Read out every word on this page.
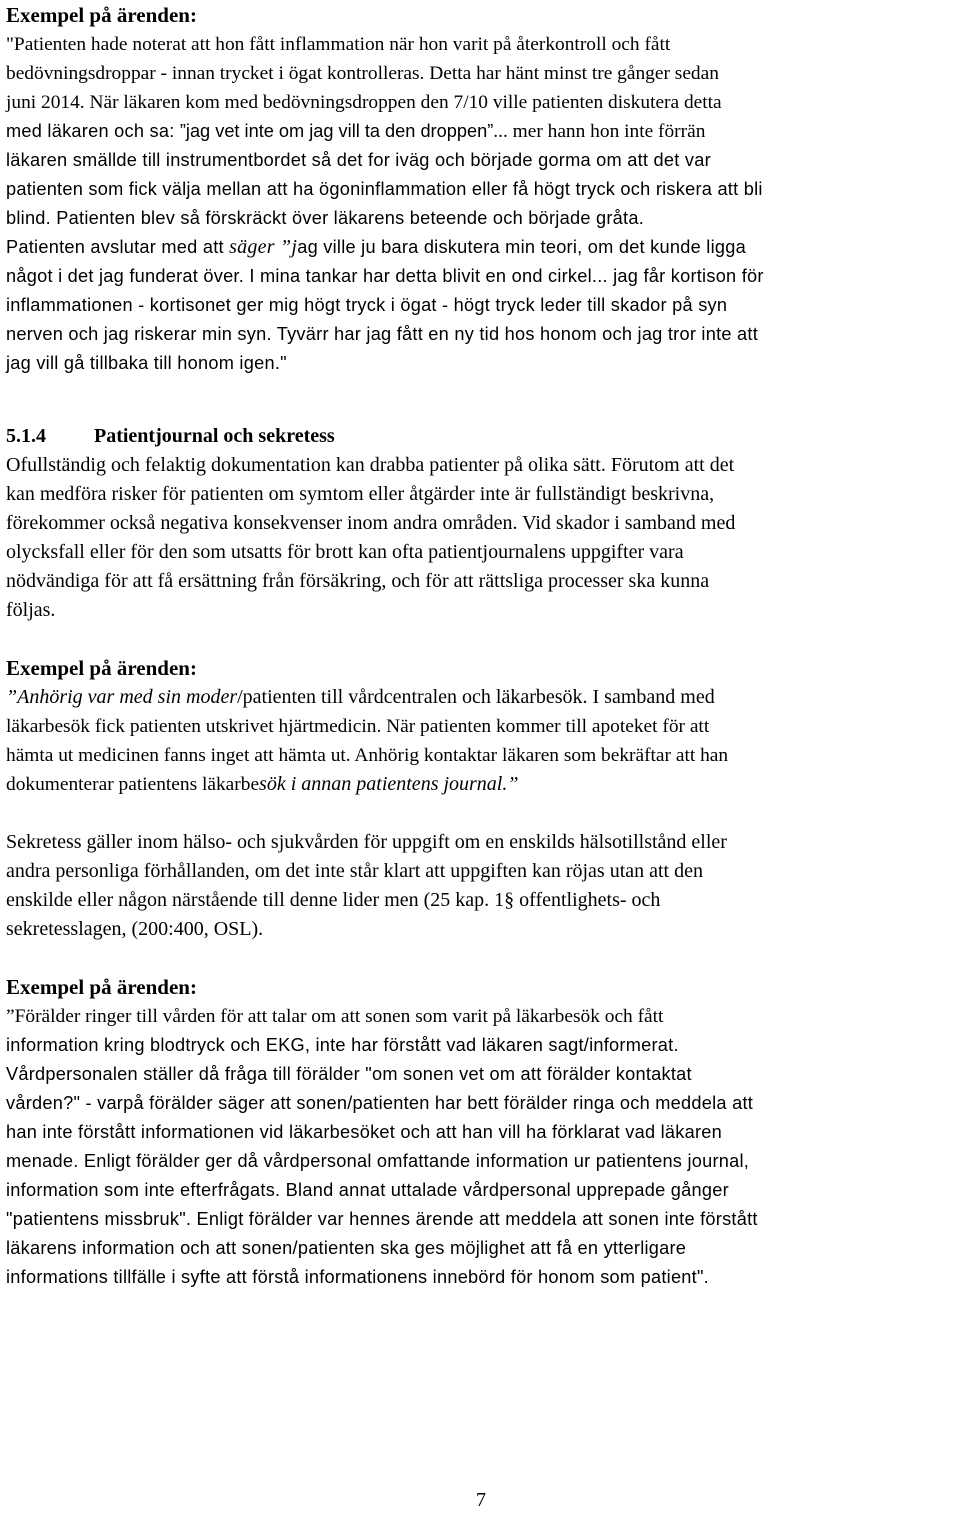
Exempel på ärenden:

"Patienten hade noterat att hon fått inflammation när hon varit på återkontroll och fått

bedövningsdroppar - innan trycket i ögat kontrolleras. Detta har hänt minst tre gånger sedan

juni 2014. När läkaren kom med bedövningsdroppen den 7/10 ville patienten diskutera detta

med läkaren och sa: ”jag vet inte om jag vill ta den droppen”... mer hann hon inte förrän

läkaren smällde till instrumentbordet så det for iväg och började gorma om att det var

patienten som fick välja mellan att ha ögoninflammation eller få högt tryck och riskera att bli

blind. Patienten blev så förskräckt över läkarens beteende och började gråta.

Patienten avslutar med att säger ”jag ville ju bara diskutera min teori, om det kunde ligga

något i det jag funderat över. I mina tankar har detta blivit en ond cirkel... jag får kortison för

inflammationen - kortisonet ger mig högt tryck i ögat - högt tryck leder till skador på syn

nerven och jag riskerar min syn. Tyvärr har jag fått en ny tid hos honom och jag tror inte att

jag vill gå tillbaka till honom igen."

5.1.4	Patientjournal och sekretess

Ofullständig och felaktig dokumentation kan drabba patienter på olika sätt. Förutom att det

kan medföra risker för patienten om symtom eller åtgärder inte är fullständigt beskrivna,

förekommer också negativa konsekvenser inom andra områden. Vid skador i samband med

olycksfall eller för den som utsatts för brott kan ofta patientjournalens uppgifter vara

nödvändiga för att få ersättning från försäkring, och för att rättsliga processer ska kunna

följas.

Exempel på ärenden:

”Anhörig var med sin moder/patienten till vårdcentralen och läkarbesök. I samband med

läkarbesök fick patienten utskrivet hjärtmedicin. När patienten kommer till apoteket för att

hämta ut medicinen fanns inget att hämta ut. Anhörig kontaktar läkaren som bekräftar att han

dokumenterar patientens läkarbesök i annan patientens journal.”

Sekretess gäller inom hälso- och sjukvården för uppgift om en enskilds hälsotillstånd eller

andra personliga förhållanden, om det inte står klart att uppgiften kan röjas utan att den

enskilde eller någon närstående till denne lider men (25 kap. 1§ offentlighets- och

sekretesslagen, (200:400, OSL).

Exempel på ärenden:

”Förälder ringer till vården för att talar om att sonen som varit på läkarbesök och fått

information kring blodtryck och EKG, inte har förstått vad läkaren sagt/informerat.

Vårdpersonalen ställer då fråga till förälder "om sonen vet om att förälder kontaktat

vården?" - varpå förälder säger att sonen/patienten har bett förälder ringa och meddela att

han inte förstått informationen vid läkarbesöket och att han vill ha förklarat vad läkaren

menade. Enligt förälder ger då vårdpersonal omfattande information ur patientens journal,

information som inte efterfrågats. Bland annat uttalade vårdpersonal upprepade gånger

"patientens missbruk". Enligt förälder var hennes ärende att meddela att sonen inte förstått

läkarens information och att sonen/patienten ska ges möjlighet att få en ytterligare

informations tillfälle i syfte att förstå informationens innebörd för honom som patient".

7
